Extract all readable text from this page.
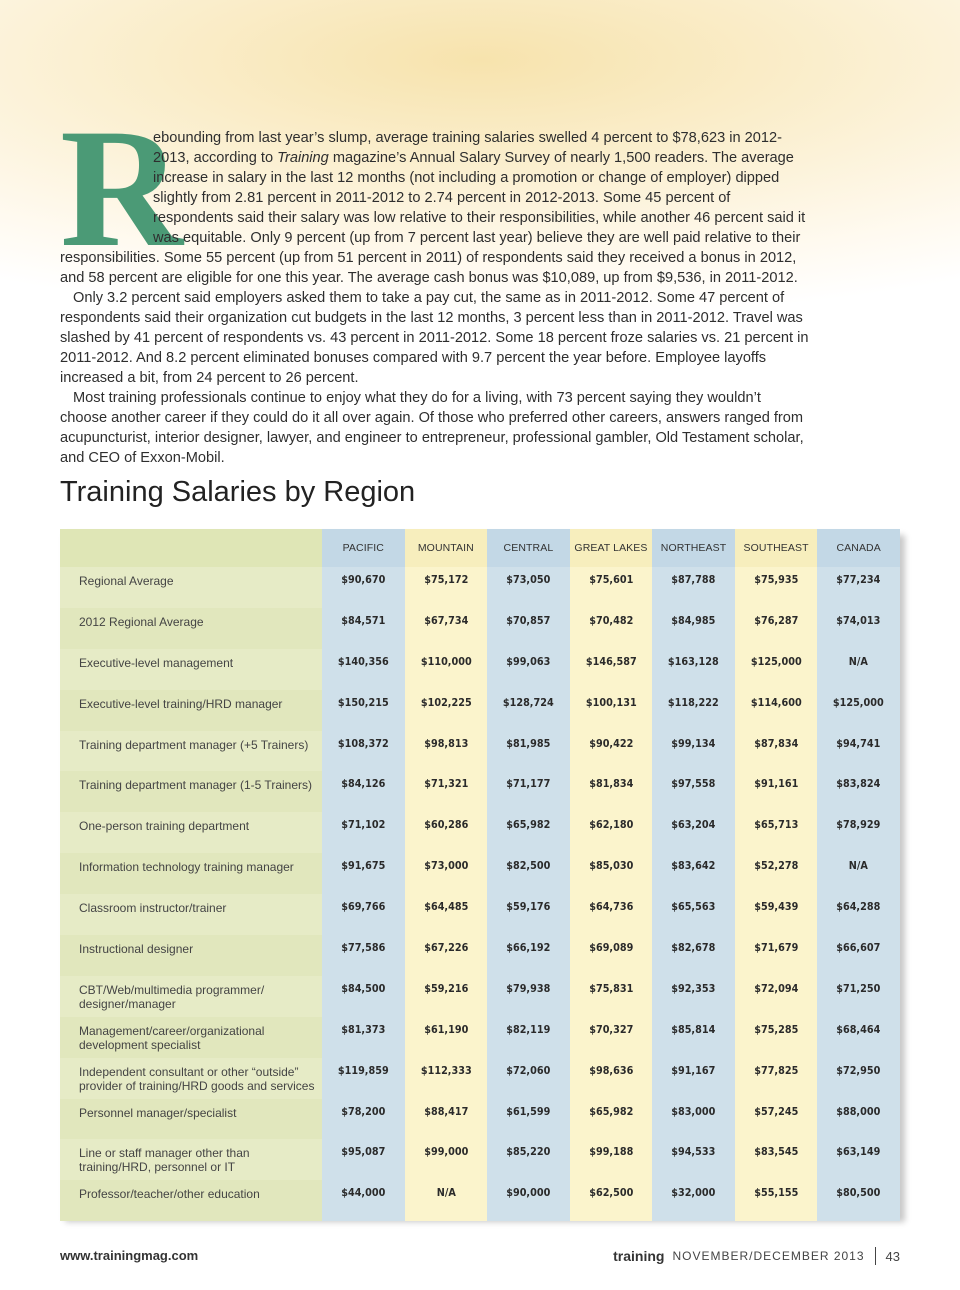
R

ebounding from last year’s slump, average training salaries swelled 4 percent to $78,623 in 2012-2013, according to Training magazine’s Annual Salary Survey of nearly 1,500 readers. The average increase in salary in the last 12 months (not including a promotion or change of employer) dipped slightly from 2.81 percent in 2011-2012 to 2.74 percent in 2012-2013. Some 45 percent of respondents said their salary was low relative to their responsibilities, while another 46 percent said it was equitable. Only 9 percent (up from 7 percent last year) believe they are well paid relative to their responsibilities. Some 55 percent (up from 51 percent in 2011) of respondents said they received a bonus in 2012, and 58 percent are eligible for one this year. The average cash bonus was $10,089, up from $9,536, in 2011-2012.

Only 3.2 percent said employers asked them to take a pay cut, the same as in 2011-2012. Some 47 percent of respondents said their organization cut budgets in the last 12 months, 3 percent less than in 2011-2012. Travel was slashed by 41 percent of respondents vs. 43 percent in 2011-2012. Some 18 percent froze salaries vs. 21 percent in 2011-2012. And 8.2 percent eliminated bonuses compared with 9.7 percent the year before. Employee layoffs increased a bit, from 24 percent to 26 percent.

Most training professionals continue to enjoy what they do for a living, with 73 percent saying they wouldn’t choose another career if they could do it all over again. Of those who preferred other careers, answers ranged from acupuncturist, interior designer, lawyer, and engineer to entrepreneur, professional gambler, Old Testament scholar, and CEO of Exxon-Mobil.

Training Salaries by Region
PACIFIC	MOUNTAIN	CENTRAL	GREAT LAKES	NORTHEAST	SOUTHEAST	CANADA
Regional Average	$90,670	$75,172	$73,050	$75,601	$87,788	$75,935	$77,234
2012 Regional Average	$84,571	$67,734	$70,857	$70,482	$84,985	$76,287	$74,013
Executive-level management	$140,356	$110,000	$99,063	$146,587	$163,128	$125,000	N/A
Executive-level training/HRD manager	$150,215	$102,225	$128,724	$100,131	$118,222	$114,600	$125,000
Training department manager (+5 Trainers)	$108,372	$98,813	$81,985	$90,422	$99,134	$87,834	$94,741
Training department manager (1-5 Trainers)	$84,126	$71,321	$71,177	$81,834	$97,558	$91,161	$83,824
One-person training department	$71,102	$60,286	$65,982	$62,180	$63,204	$65,713	$78,929
Information technology training manager	$91,675	$73,000	$82,500	$85,030	$83,642	$52,278	N/A
Classroom instructor/trainer	$69,766	$64,485	$59,176	$64,736	$65,563	$59,439	$64,288
Instructional designer	$77,586	$67,226	$66,192	$69,089	$82,678	$71,679	$66,607
CBT/Web/multimedia programmer/ designer/manager
$84,500	$59,216	$79,938	$75,831	$92,353	$72,094	$71,250
Management/career/organizational development specialist
$81,373	$61,190	$82,119	$70,327	$85,814	$75,285	$68,464
Independent consultant or other “outside” provider of training/HRD goods and services
$119,859	$112,333	$72,060	$98,636	$91,167	$77,825	$72,950
Personnel manager/specialist	$78,200	$88,417	$61,599	$65,982	$83,000	$57,245	$88,000
Line or staff manager other than training/HRD, personnel or IT
$95,087	$99,000	$85,220	$99,188	$94,533	$83,545	$63,149
Professor/teacher/other education	$44,000	N/A	$90,000	$62,500	$32,000	$55,155	$80,500
www.trainingmag.com	training NOVEMBER/DECEMBER 2013 43
